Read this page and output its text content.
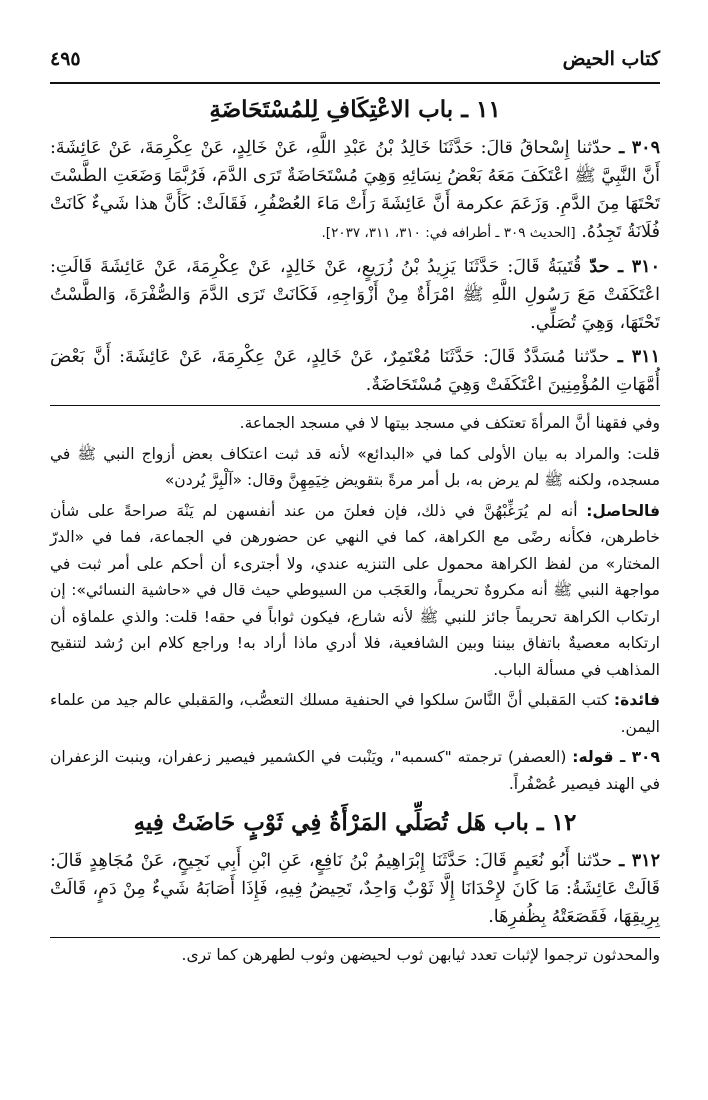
كتاب الحيض
٤٩٥
١١ ـ باب الاعْتِكَافِ لِلمُسْتَحَاضَةِ

٣٠٩ ـ حدّثنا إِسْحاقُ قالَ: حَدَّثَنَا خَالِدُ بْنُ عَبْدِ اللَّهِ، عَنْ خَالِدٍ، عَنْ عِكْرِمَةَ، عَنْ عَائِشَةَ: أَنَّ النَّبِيَّ ﷺ اعْتَكَفَ مَعَهُ بَعْضُ نِسَائِهِ وَهِيَ مُسْتَحَاضَةٌ تَرَى الدَّمَ، فَرُبَّمَا وَضَعَتِ الطَّسْتَ تَحْتَهَا مِنَ الدَّمِ. وَزَعَمَ عكرمة أَنَّ عَائِشَةَ رَأَتْ مَاءَ العُصْفُرِ، فَقَالَتْ: كَأَنَّ هذا شَيءٌ كَانَتْ فُلَانَةُ تَجِدُهُ. [الحديث ٣٠٩ ـ أطرافه في: ٣١٠، ٣١١، ٢٠٣٧].

٣١٠ ـ حدّ قُتَيبَةُ قَالَ: حَدَّثَنَا يَزِيدُ بْنُ زُرَيعٍ، عَنْ خَالِدٍ، عَنْ عِكْرِمَةَ، عَنْ عَائِشَةَ قَالَتِ: اعْتَكَفَتْ مَعَ رَسُولِ اللَّهِ ﷺ امْرَأَةٌ مِنْ أَزْوَاجِهِ، فَكَانَتْ تَرَى الدَّمَ وَالصُّفْرَةَ، وَالطَّسْتُ تَحْتَهَا، وَهِيَ تُصَلِّي.

٣١١ ـ حدّثنا مُسَدَّدٌ قَالَ: حَدَّثَنَا مُعْتَمِرٌ، عَنْ خَالِدٍ، عَنْ عِكْرِمَةَ، عَنْ عَائِشَةَ: أَنَّ بَعْضَ أُمَّهَاتِ المُؤْمِنِينَ اعْتَكَفَتْ وَهِيَ مُسْتَحَاضَةٌ.

وفي فقهنا أنَّ المرأةَ تعتكف في مسجد بيتها لا في مسجد الجماعة.

قلت: والمراد به بيان الأولى كما في «البدائع» لأنه قد ثبت اعتكاف بعض أزواج النبي ﷺ في مسجده، ولكنه ﷺ لم يرض به، بل أمر مرةً بتقويض خِيَمِهِنَّ وقال: «آلْبِرَّ يُردن»

فالحاصل: أنه لم يُرَغِّبْهُنَّ في ذلك، فإن فعلنَ من عند أنفسهن لم يَنْهَ صراحةً على شأن خاطرهن، فكأنه رضًى مع الكراهة، كما في النهي عن حضورهن في الجماعة، فما في «الدرّ المختار» من لفظ الكراهة محمول على التنزيه عندي، ولا أجترىء أن أحكم على أمر ثبت في مواجهة النبي ﷺ أنه مكروهٌ تحريماً، والعَجَب من السيوطي حيث قال في «حاشية النسائي»: إن ارتكاب الكراهة تحريماً جائز للنبي ﷺ لأنه شارع، فيكون ثواباً في حقه! قلت: والذي علماؤه أن ارتكابه معصيةٌ باتفاق بيننا وبين الشافعية، فلا أدري ماذا أراد به! وراجع كلام ابن رُشد لتنقيح المذاهب في مسألة الباب.

فائدة: كتب المَقبلي أنَّ النَّاسَ سلكوا في الحنفية مسلك التعصُّب، والمَقبلي عالم جيد من علماء اليمن.

٣٠٩ ـ قوله: (العصفر) ترجمته "كسمبه"، ويَنْبت في الكشمير فيصير زعفران، وينبت الزعفران في الهند فيصير عُصْفُراً.

١٢ ـ باب هَل تُصَلِّي المَرْأَةُ فِي ثَوْبٍ حَاضَتْ فِيهِ

٣١٢ ـ حدّثنا أَبُو نُعَيمٍ قَالَ: حَدَّثَنَا إِبْرَاهِيمُ بْنُ نَافِعٍ، عَنِ ابْنِ أَبِي نَجِيحٍ، عَنْ مُجَاهِدٍ قَالَ: قَالَتْ عَائِشَةُ: مَا كَانَ لإِحْدَانَا إِلَّا ثَوْبٌ وَاحِدٌ، تَحِيضُ فِيهِ، فَإِذَا أَصَابَهُ شَيءٌ مِنْ دَمٍ، قَالَتْ بِرِيقِهَا، فَقَصَعَتْهُ بِظُفرِهَا.

والمحدثون ترجموا لإثبات تعدد ثيابهن ثوب لحيضهن وثوب لطهرهن كما ترى.
